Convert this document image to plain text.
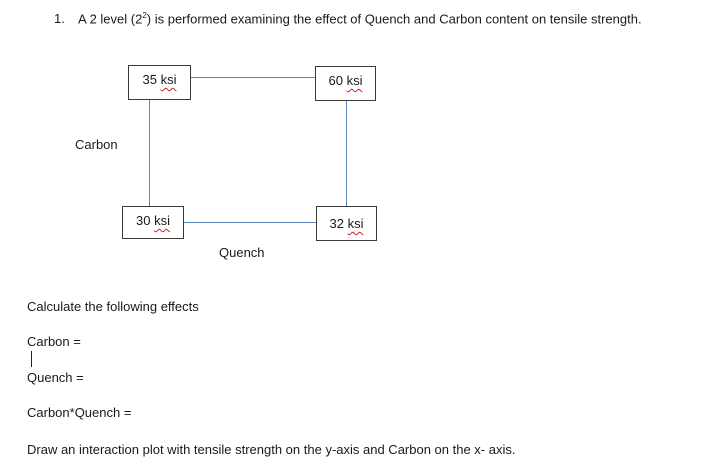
1. A 2 level $(2^2)$ is performed examining the effect of Quench and Carbon content on tensile strength.
35 ksi	60 ksi
30 ksi	32 ksi
Carbon
Quench
Calculate the following effects
Carbon =
Quench =
Carbon*Quench =
Draw an interaction plot with tensile strength on the y-axis and Carbon on the x- axis.
